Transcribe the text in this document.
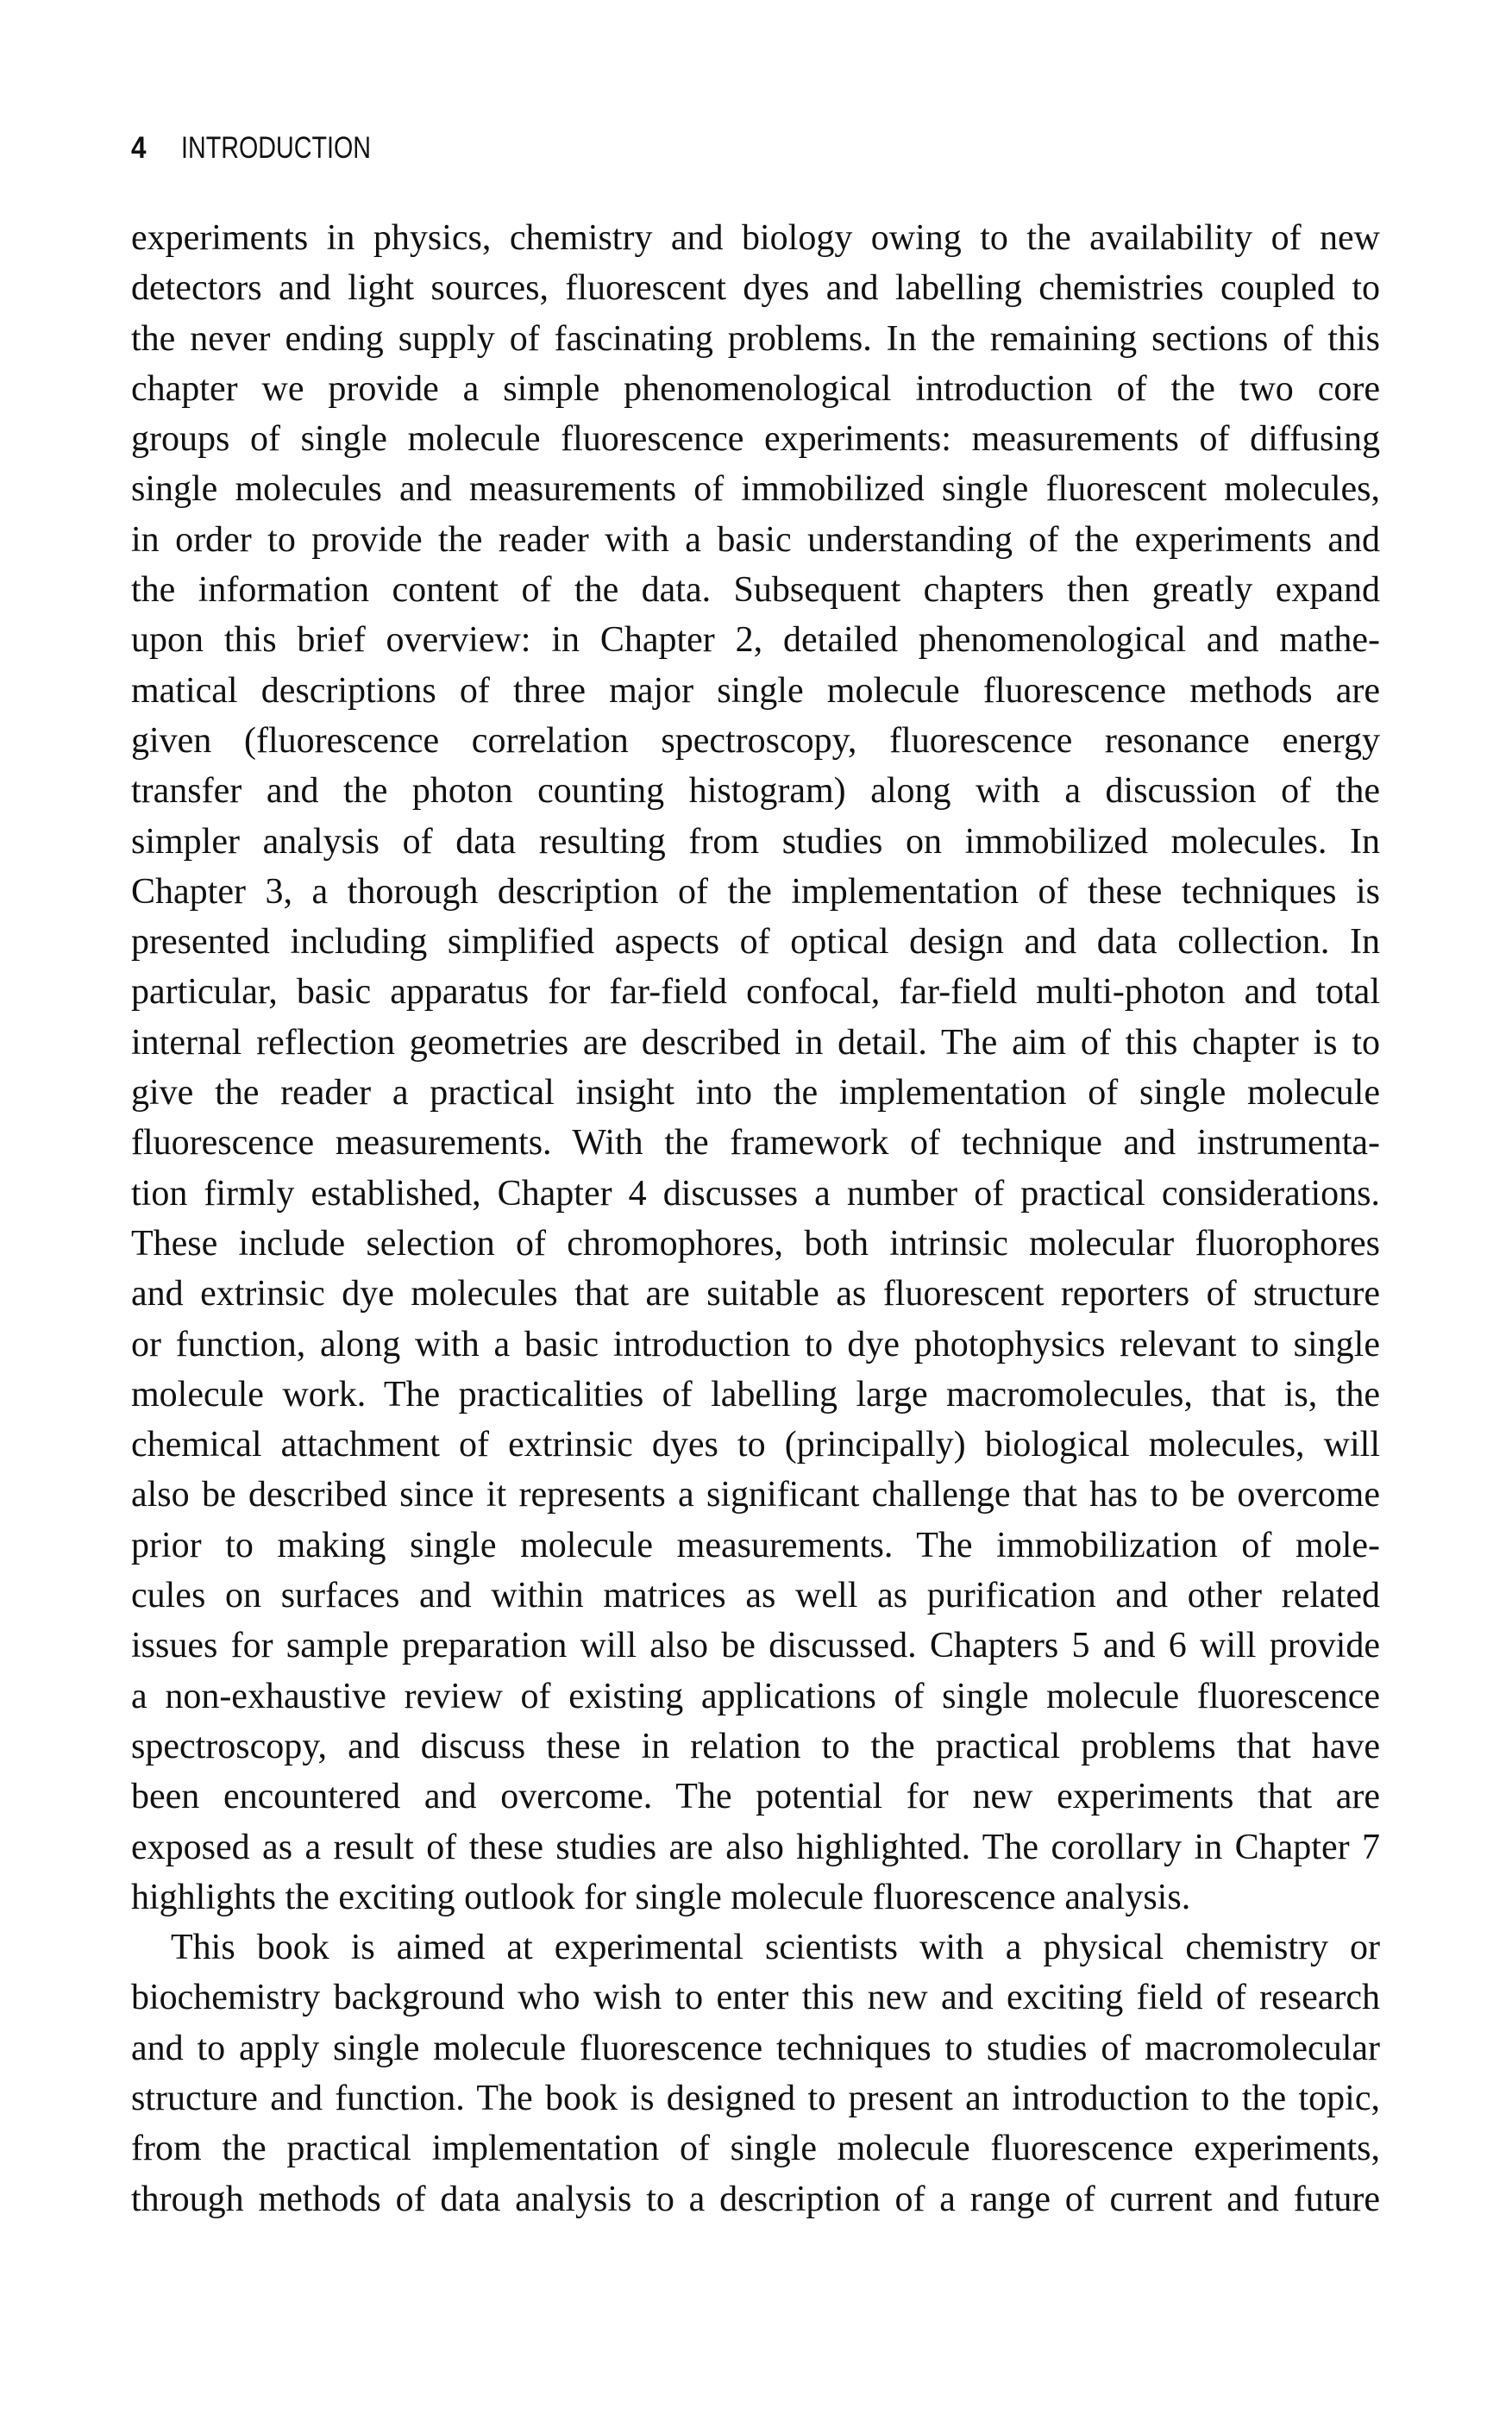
4 INTRODUCTION
experiments in physics, chemistry and biology owing to the availability of new
detectors and light sources, fluorescent dyes and labelling chemistries coupled to
the never ending supply of fascinating problems. In the remaining sections of this
chapter we provide a simple phenomenological introduction of the two core
groups of single molecule fluorescence experiments: measurements of diffusing
single molecules and measurements of immobilized single fluorescent molecules,
in order to provide the reader with a basic understanding of the experiments and
the information content of the data. Subsequent chapters then greatly expand
upon this brief overview: in Chapter 2, detailed phenomenological and mathe-
matical descriptions of three major single molecule fluorescence methods are
given (fluorescence correlation spectroscopy, fluorescence resonance energy
transfer and the photon counting histogram) along with a discussion of the
simpler analysis of data resulting from studies on immobilized molecules. In
Chapter 3, a thorough description of the implementation of these techniques is
presented including simplified aspects of optical design and data collection. In
particular, basic apparatus for far-field confocal, far-field multi-photon and total
internal reflection geometries are described in detail. The aim of this chapter is to
give the reader a practical insight into the implementation of single molecule
fluorescence measurements. With the framework of technique and instrumenta-
tion firmly established, Chapter 4 discusses a number of practical considerations.
These include selection of chromophores, both intrinsic molecular fluorophores
and extrinsic dye molecules that are suitable as fluorescent reporters of structure
or function, along with a basic introduction to dye photophysics relevant to single
molecule work. The practicalities of labelling large macromolecules, that is, the
chemical attachment of extrinsic dyes to (principally) biological molecules, will
also be described since it represents a significant challenge that has to be overcome
prior to making single molecule measurements. The immobilization of mole-
cules on surfaces and within matrices as well as purification and other related
issues for sample preparation will also be discussed. Chapters 5 and 6 will provide
a non-exhaustive review of existing applications of single molecule fluorescence
spectroscopy, and discuss these in relation to the practical problems that have
been encountered and overcome. The potential for new experiments that are
exposed as a result of these studies are also highlighted. The corollary in Chapter 7
highlights the exciting outlook for single molecule fluorescence analysis.
This book is aimed at experimental scientists with a physical chemistry or
biochemistry background who wish to enter this new and exciting field of research
and to apply single molecule fluorescence techniques to studies of macromolecular
structure and function. The book is designed to present an introduction to the topic,
from the practical implementation of single molecule fluorescence experiments,
through methods of data analysis to a description of a range of current and future
